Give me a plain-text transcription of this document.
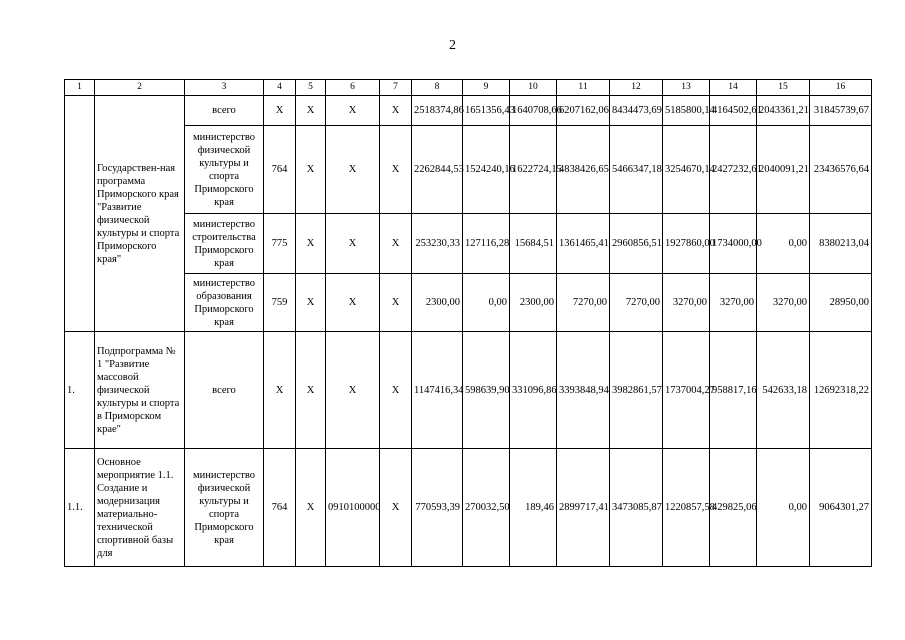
2
1	2	3	4	5	6	7	8	9	10	11	12	13	14	15	16
	Государствен-ная программа Приморского края "Развитие физической культуры и спорта Приморского края"	всего	X	X	X	X	2518374,86	1651356,43	1640708,66	6207162,06	8434473,69	5185800,14	4164502,61	2043361,21	31845739,67
		министерство физической культуры и спорта Приморского края	764	X	X	X	2262844,53	1524240,16	1622724,15	4838426,65	5466347,18	3254670,14	2427232,61	2040091,21	23436576,64
		министерство строительства Приморского края	775	X	X	X	253230,33	127116,28	15684,51	1361465,41	2960856,51	1927860,00	1734000,00	0,00	8380213,04
		министерство образования Приморского края	759	X	X	X	2300,00	0,00	2300,00	7270,00	7270,00	3270,00	3270,00	3270,00	28950,00
1.	Подпрограмма № 1 "Развитие массовой физической культуры и спорта в Приморском крае"	всего	X	X	X	X	1147416,34	598639,90	331096,86	3393848,94	3982861,57	1737004,27	958817,16	542633,18	12692318,22
1.1.	Основное мероприятие 1.1. Создание и модернизация материально-технической спортивной базы для	министерство физической культуры и спорта Приморского края	764	X	0910100000	X	770593,39	270032,50	189,46	2899717,41	3473085,87	1220857,58	429825,06	0,00	9064301,27
